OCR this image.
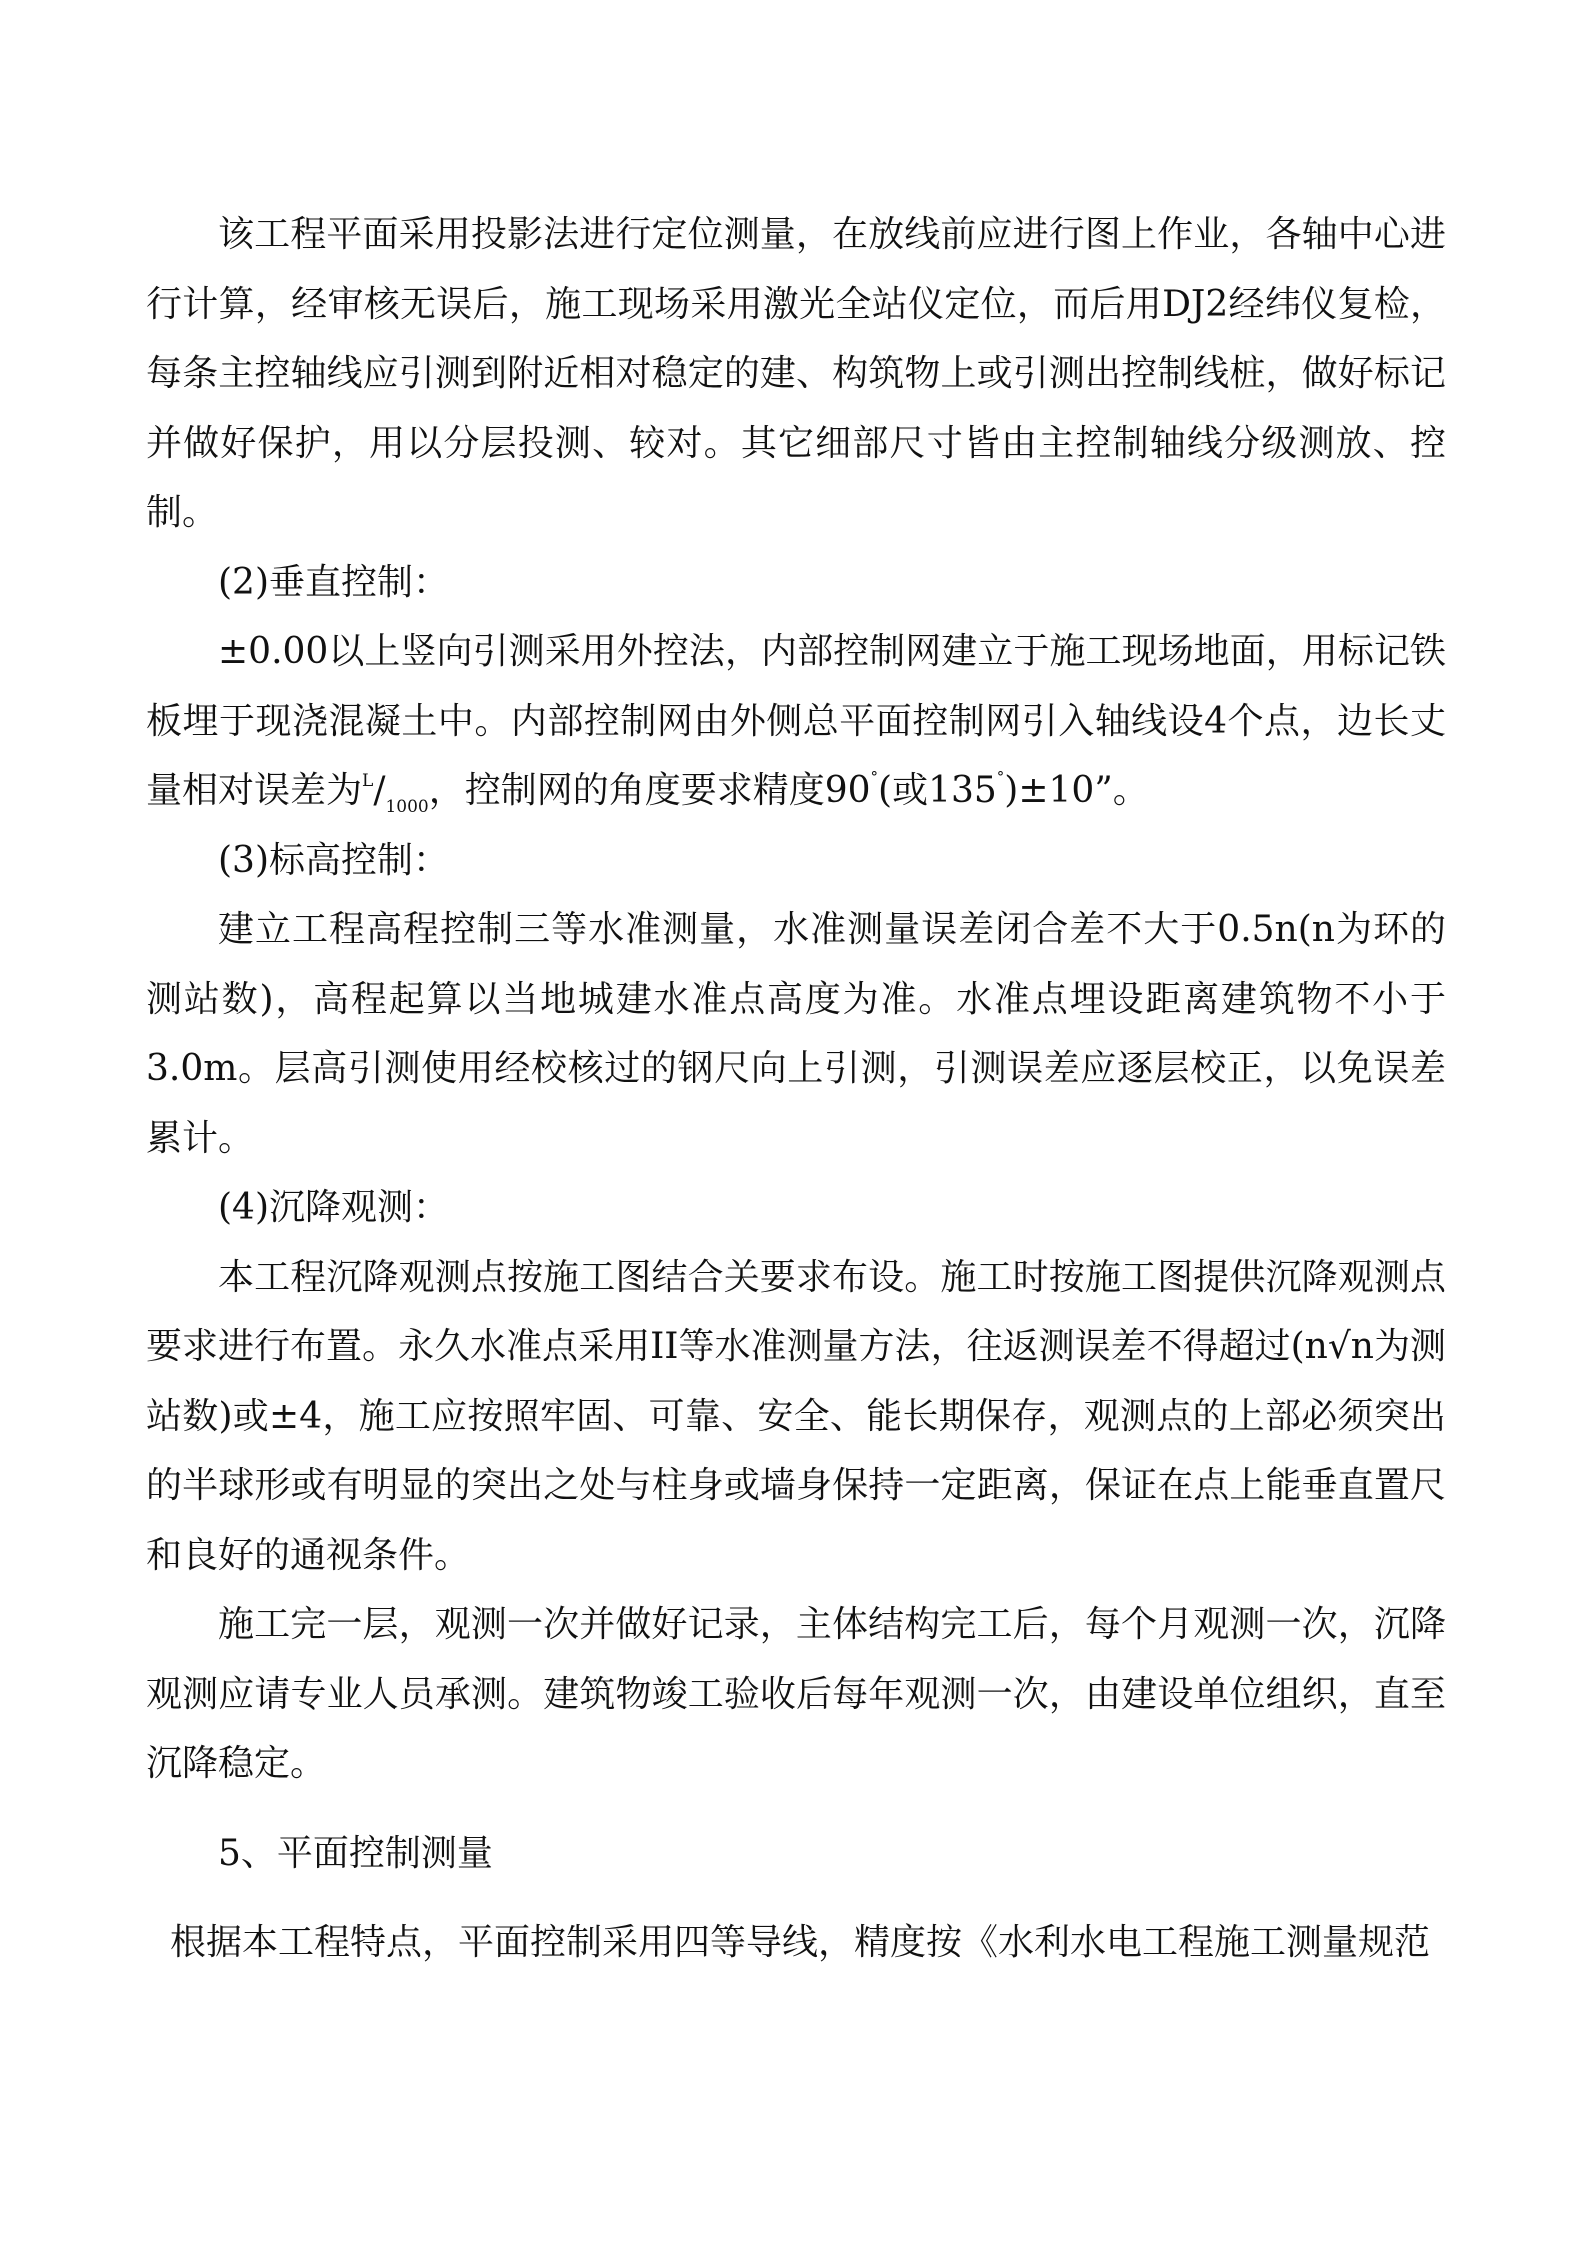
该工程平面采用投影法进行定位测量，在放线前应进行图上作业，各轴中心进行计算，经审核无误后，施工现场采用激光全站仪定位，而后用DJ2经纬仪复检，每条主控轴线应引测到附近相对稳定的建、构筑物上或引测出控制线桩，做好标记并做好保护，用以分层投测、较对。其它细部尺寸皆由主控制轴线分级测放、控制。

(2)垂直控制：

±0.00以上竖向引测采用外控法，内部控制网建立于施工现场地面，用标记铁板埋于现浇混凝土中。内部控制网由外侧总平面控制网引入轴线设4个点，边长丈量相对误差为$^L/_{1000}$，控制网的角度要求精度90°(或135°)±10”。

(3)标高控制：

建立工程高程控制三等水准测量，水准测量误差闭合差不大于0.5n(n为环的测站数)，高程起算以当地城建水准点高度为准。水准点埋设距离建筑物不小于3.0m。层高引测使用经校核过的钢尺向上引测，引测误差应逐层校正，以免误差累计。

(4)沉降观测：

本工程沉降观测点按施工图结合关要求布设。施工时按施工图提供沉降观测点要求进行布置。永久水准点采用II等水准测量方法，往返测误差不得超过(n√n为测站数)或±4，施工应按照牢固、可靠、安全、能长期保存，观测点的上部必须突出的半球形或有明显的突出之处与柱身或墙身保持一定距离，保证在点上能垂直置尺和良好的通视条件。

施工完一层，观测一次并做好记录，主体结构完工后，每个月观测一次，沉降观测应请专业人员承测。建筑物竣工验收后每年观测一次，由建设单位组织，直至沉降稳定。

5、平面控制测量

根据本工程特点，平面控制采用四等导线，精度按《水利水电工程施工测量规范
